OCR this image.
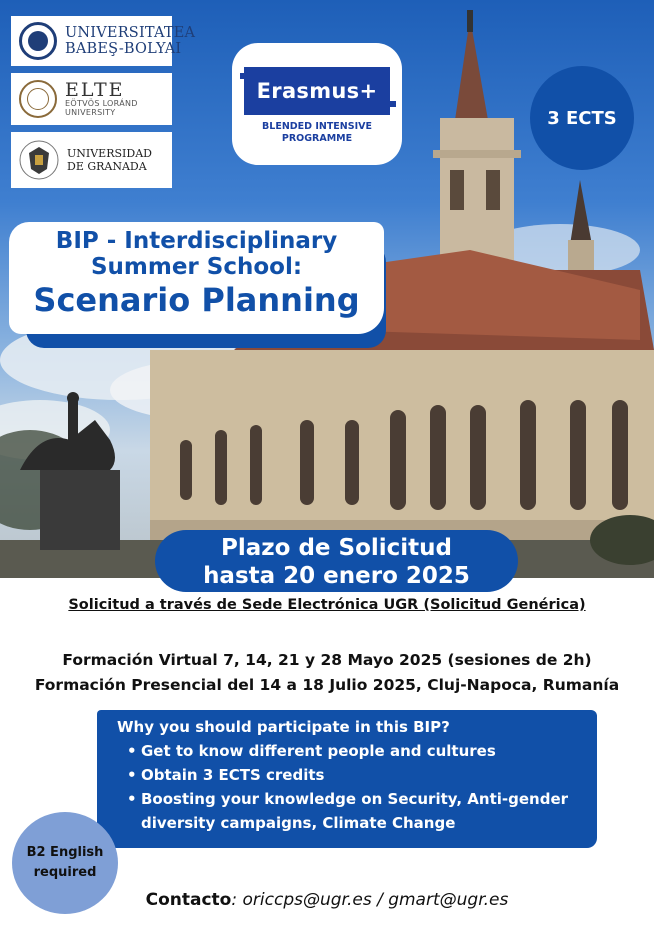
UNIVERSITATEA
BABEŞ-BOLYAI
ELTE
EÖTVÖS LORÁND
UNIVERSITY
UNIVERSIDAD
DE GRANADA
Erasmus+
BLENDED INTENSIVE
PROGRAMME
3 ECTS
BIP - Interdisciplinary
Summer School:
Scenario Planning
Plazo de Solicitud
hasta 20 enero 2025
Solicitud a través de Sede Electrónica UGR (Solicitud Genérica)
Formación Virtual 7, 14, 21 y 28 Mayo 2025 (sesiones de 2h)
Formación Presencial del 14 a 18 Julio 2025, Cluj-Napoca, Rumanía
Why you should participate in this BIP?
• Get to know different people and cultures
• Obtain 3 ECTS credits
• Boosting your knowledge on Security, Anti-gender diversity campaigns, Climate Change
B2 English
required
Contacto: oriccps@ugr.es / gmart@ugr.es
